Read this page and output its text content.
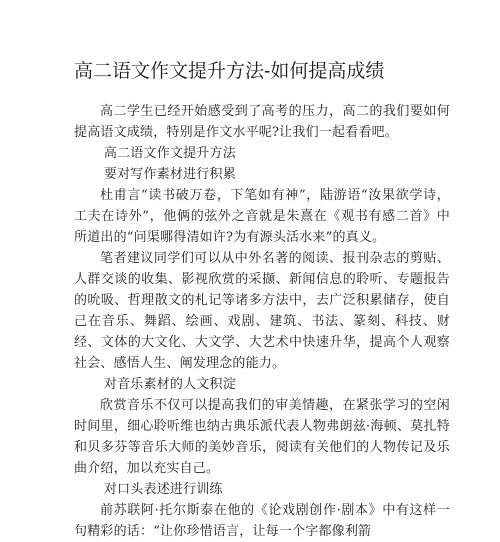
高二语文作文提升方法-如何提高成绩

高二学生已经开始感受到了高考的压力，高二的我们要如何提高语文成绩，特别是作文水平呢?让我们一起看看吧。

高二语文作文提升方法

要对写作素材进行积累

杜甫言“读书破万卷，下笔如有神”，陆游语“汝果欲学诗，工夫在诗外”，他俩的弦外之音就是朱熹在《观书有感二首》中所道出的“问渠哪得清如许?为有源头活水来”的真义。

笔者建议同学们可以从中外名著的阅读、报刊杂志的剪贴、人群交谈的收集、影视欣赏的采撷、新闻信息的聆听、专题报告的吮吸、哲理散文的札记等诸多方法中，去广泛积累储存，使自己在音乐、舞蹈、绘画、戏剧、建筑、书法、篆刻、科技、财经、文体的大文化、大文学、大艺术中快速升华，提高个人观察社会、感悟人生、阐发理念的能力。

对音乐素材的人文积淀

欣赏音乐不仅可以提高我们的审美情趣，在紧张学习的空闲时间里，细心聆听维也纳古典乐派代表人物弗朗兹·海顿、莫扎特和贝多芬等音乐大师的美妙音乐，阅读有关他们的人物传记及乐曲介绍，加以充实自己。

对口头表述进行训练

前苏联阿·托尔斯泰在他的《论戏剧创作·剧本》中有这样一句精彩的话：“让你珍惜语言，让每一个字都像利箭
